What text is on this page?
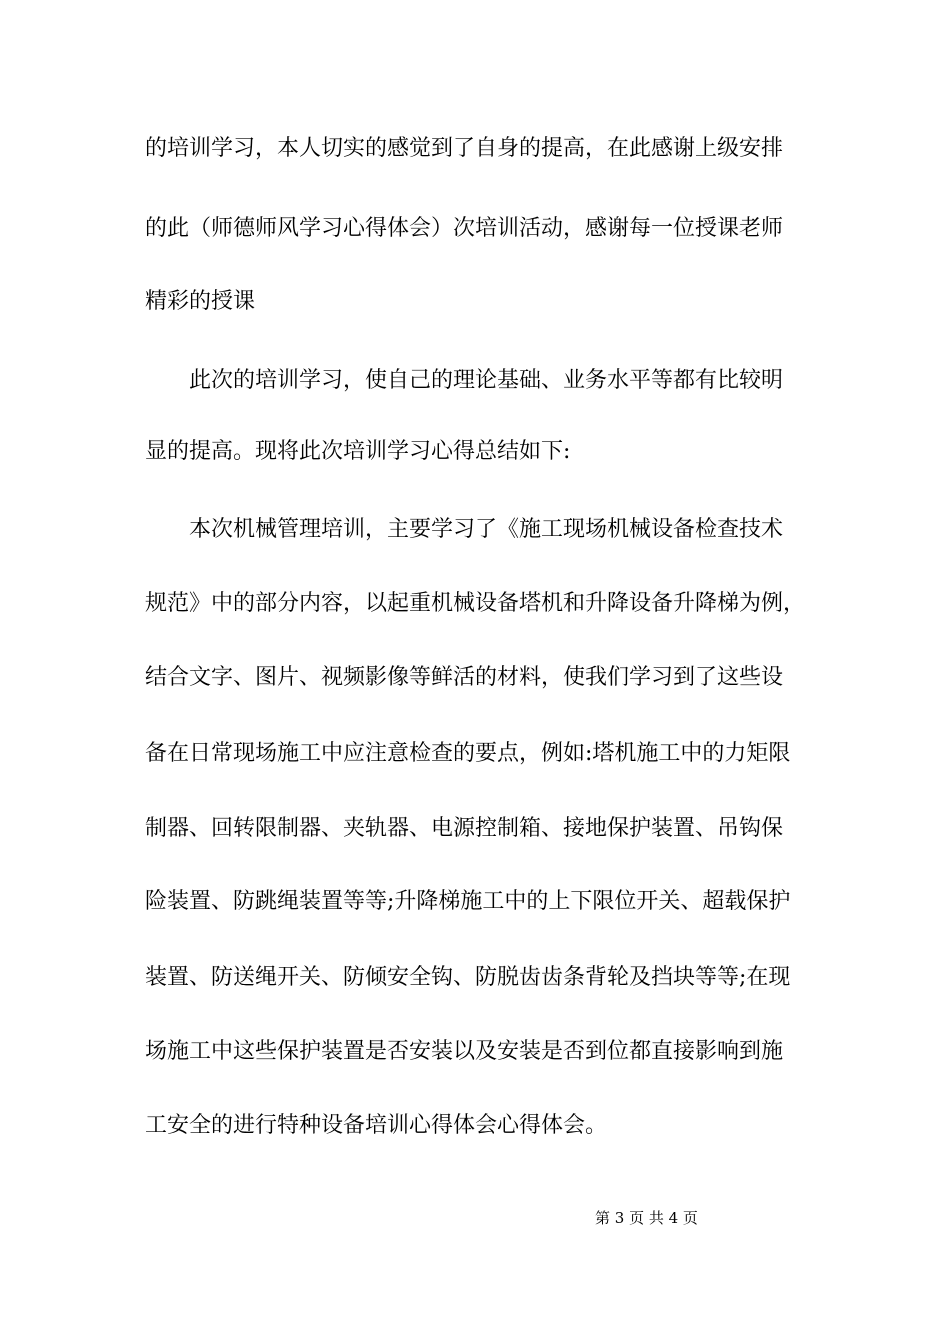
的培训学习，本人切实的感觉到了自身的提高，在此感谢上级安排
的此（师德师风学习心得体会）次培训活动，感谢每一位授课老师
精彩的授课
此次的培训学习，使自己的理论基础、业务水平等都有比较明
显的提高。现将此次培训学习心得总结如下:
本次机械管理培训，主要学习了《施工现场机械设备检查技术
规范》中的部分内容，以起重机械设备塔机和升降设备升降梯为例，
结合文字、图片、视频影像等鲜活的材料，使我们学习到了这些设
备在日常现场施工中应注意检查的要点，例如:塔机施工中的力矩限
制器、回转限制器、夹轨器、电源控制箱、接地保护装置、吊钩保
险装置、防跳绳装置等等;升降梯施工中的上下限位开关、超载保护
装置、防送绳开关、防倾安全钩、防脱齿齿条背轮及挡块等等;在现
场施工中这些保护装置是否安装以及安装是否到位都直接影响到施
工安全的进行特种设备培训心得体会心得体会。
第 3 页 共 4 页
